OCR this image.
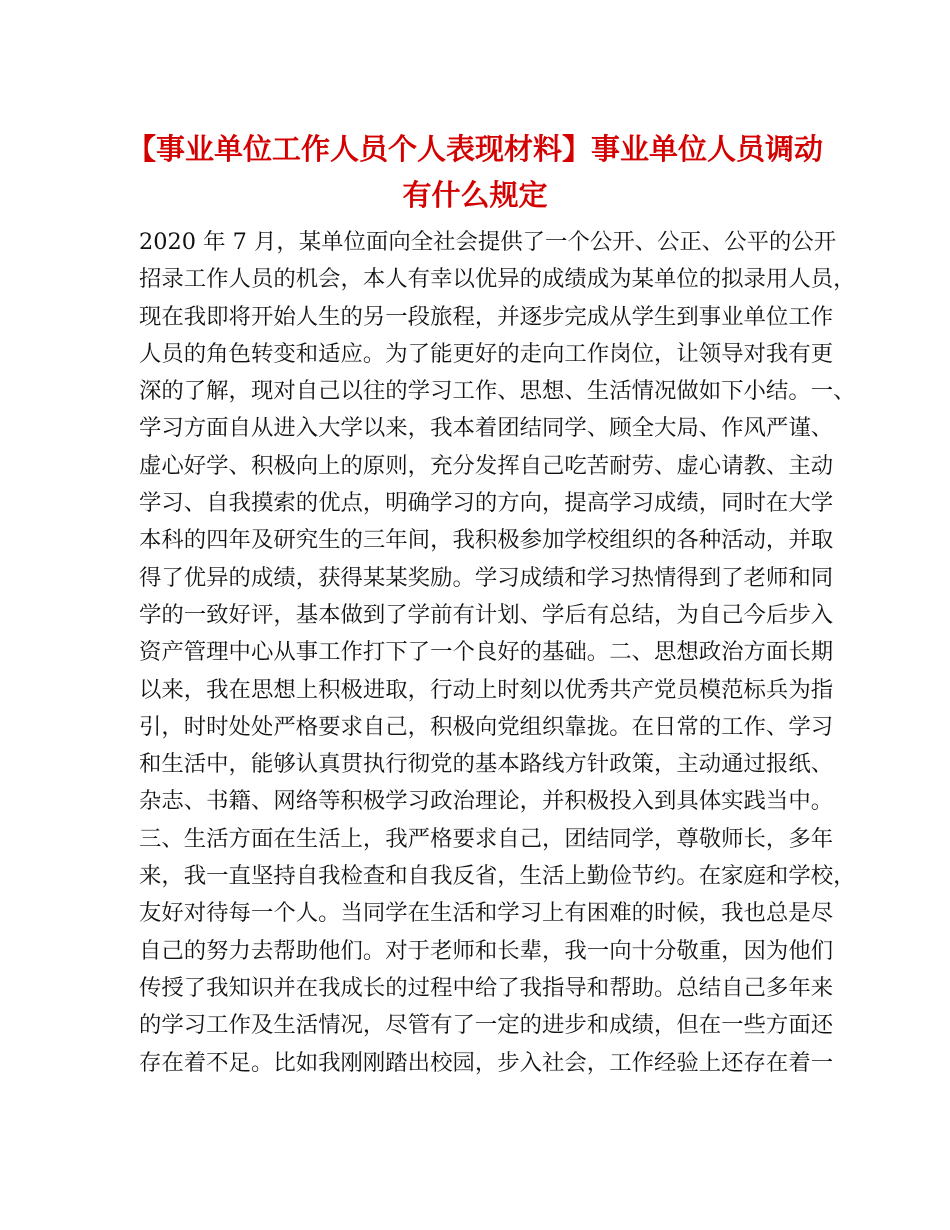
【事业单位工作人员个人表现材料】事业单位人员调动
有什么规定
2020 年 7 月，某单位面向全社会提供了一个公开、公正、公平的公开
招录工作人员的机会，本人有幸以优异的成绩成为某单位的拟录用人员，
现在我即将开始人生的另一段旅程，并逐步完成从学生到事业单位工作
人员的角色转变和适应。为了能更好的走向工作岗位，让领导对我有更
深的了解，现对自己以往的学习工作、思想、生活情况做如下小结。一、
学习方面自从进入大学以来，我本着团结同学、顾全大局、作风严谨、
虚心好学、积极向上的原则，充分发挥自己吃苦耐劳、虚心请教、主动
学习、自我摸索的优点，明确学习的方向，提高学习成绩，同时在大学
本科的四年及研究生的三年间，我积极参加学校组织的各种活动，并取
得了优异的成绩，获得某某奖励。学习成绩和学习热情得到了老师和同
学的一致好评，基本做到了学前有计划、学后有总结，为自己今后步入
资产管理中心从事工作打下了一个良好的基础。二、思想政治方面长期
以来，我在思想上积极进取，行动上时刻以优秀共产党员模范标兵为指
引，时时处处严格要求自己，积极向党组织靠拢。在日常的工作、学习
和生活中，能够认真贯执行彻党的基本路线方针政策，主动通过报纸、
杂志、书籍、网络等积极学习政治理论，并积极投入到具体实践当中。
三、生活方面在生活上，我严格要求自己，团结同学，尊敬师长，多年
来，我一直坚持自我检查和自我反省，生活上勤俭节约。在家庭和学校，
友好对待每一个人。当同学在生活和学习上有困难的时候，我也总是尽
自己的努力去帮助他们。对于老师和长辈，我一向十分敬重，因为他们
传授了我知识并在我成长的过程中给了我指导和帮助。总结自己多年来
的学习工作及生活情况，尽管有了一定的进步和成绩，但在一些方面还
存在着不足。比如我刚刚踏出校园，步入社会，工作经验上还存在着一
